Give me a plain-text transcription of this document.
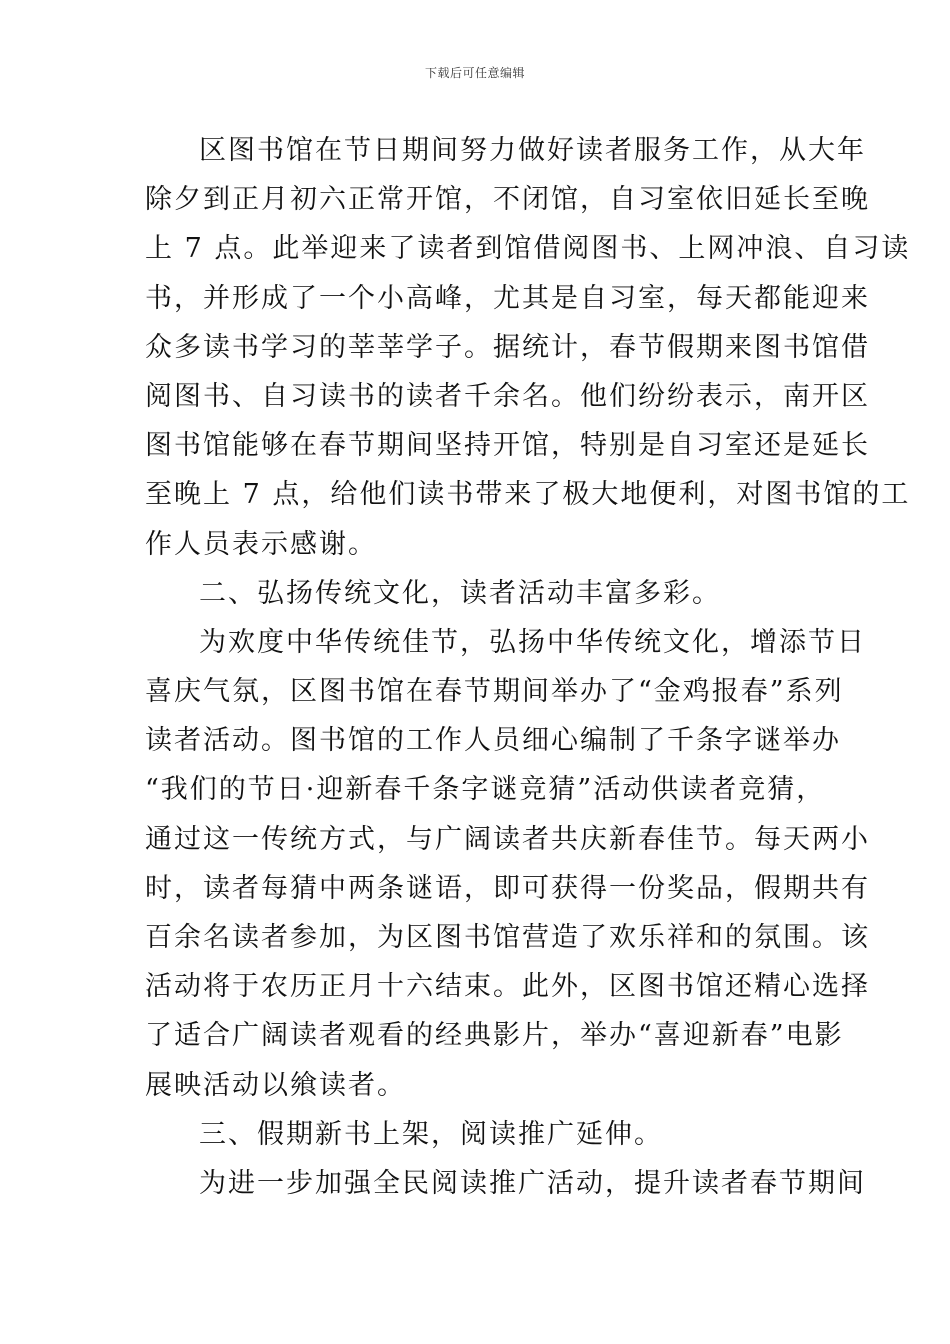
下载后可任意编辑
区图书馆在节日期间努力做好读者服务工作，从大年
除夕到正月初六正常开馆，不闭馆，自习室依旧延长至晚
上 7 点。此举迎来了读者到馆借阅图书、上网冲浪、自习读
书，并形成了一个小高峰，尤其是自习室，每天都能迎来
众多读书学习的莘莘学子。据统计，春节假期来图书馆借
阅图书、自习读书的读者千余名。他们纷纷表示，南开区
图书馆能够在春节期间坚持开馆，特别是自习室还是延长
至晚上 7 点，给他们读书带来了极大地便利，对图书馆的工
作人员表示感谢。
二、弘扬传统文化，读者活动丰富多彩。
为欢度中华传统佳节，弘扬中华传统文化，增添节日
喜庆气氛，区图书馆在春节期间举办了“金鸡报春”系列
读者活动。图书馆的工作人员细心编制了千条字谜举办
“我们的节日·迎新春千条字谜竞猜”活动供读者竞猜，
通过这一传统方式，与广阔读者共庆新春佳节。每天两小
时，读者每猜中两条谜语，即可获得一份奖品，假期共有
百余名读者参加，为区图书馆营造了欢乐祥和的氛围。该
活动将于农历正月十六结束。此外，区图书馆还精心选择
了适合广阔读者观看的经典影片，举办“喜迎新春”电影
展映活动以飨读者。
三、假期新书上架，阅读推广延伸。
为进一步加强全民阅读推广活动，提升读者春节期间
